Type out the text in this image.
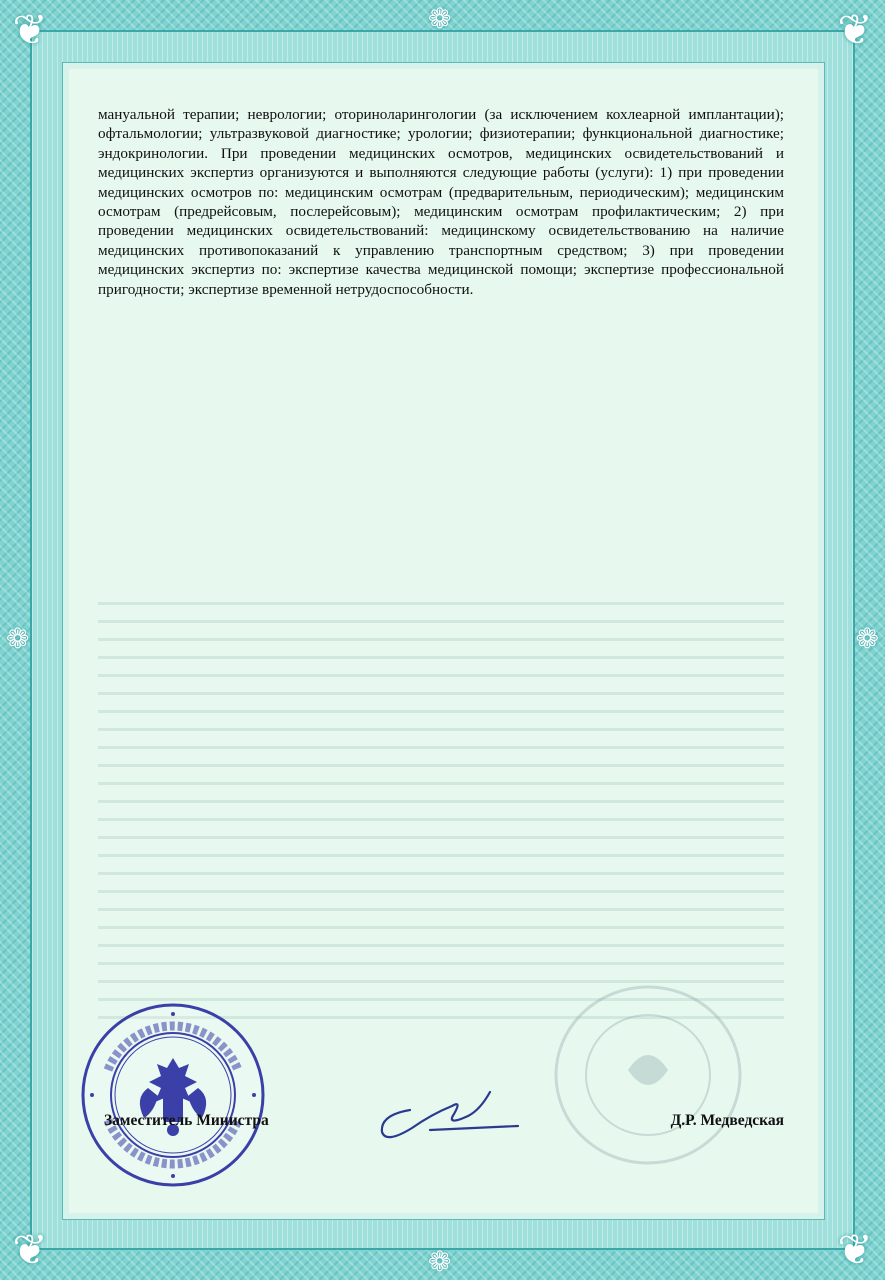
❦	❦
❦	❦
❁
❁
❁	❁

мануальной терапии; неврологии; оториноларингологии (за исключением кохлеарной имплантации); офтальмологии; ультразвуковой диагностике; урологии; физиотерапии; функциональной диагностике; эндокринологии. При проведении медицинских осмотров, медицинских освидетельствований и медицинских экспертиз организуются и выполняются следующие работы (услуги): 1) при проведении медицинских осмотров по: медицинским осмотрам (предварительным, периодическим); медицинским осмотрам (предрейсовым, послерейсовым); медицинским осмотрам профилактическим; 2) при проведении медицинских освидетельствований: медицинскому освидетельствованию на наличие медицинских противопоказаний к управлению транспортным средством; 3) при проведении медицинских экспертиз по: экспертизе качества медицинской помощи; экспертизе профессиональной пригодности; экспертизе временной нетрудоспособности.

Заместитель Министра	Д.Р. Медведская
